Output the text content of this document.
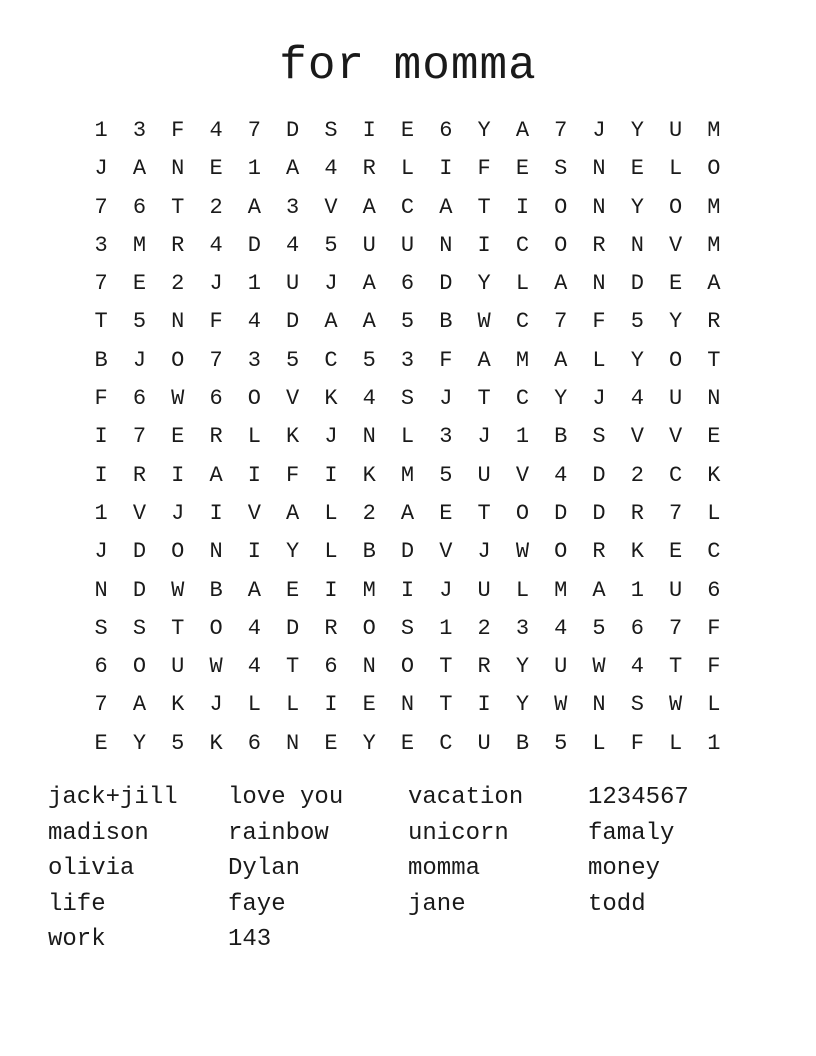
for momma
1	3	F	4	7	D	S	I	E	6	Y	A	7	J	Y	U	M
J	A	N	E	1	A	4	R	L	I	F	E	S	N	E	L	O
7	6	T	2	A	3	V	A	C	A	T	I	O	N	Y	O	M
3	M	R	4	D	4	5	U	U	N	I	C	O	R	N	V	M
7	E	2	J	1	U	J	A	6	D	Y	L	A	N	D	E	A
T	5	N	F	4	D	A	A	5	B	W	C	7	F	5	Y	R
B	J	O	7	3	5	C	5	3	F	A	M	A	L	Y	O	T
F	6	W	6	O	V	K	4	S	J	T	C	Y	J	4	U	N
I	7	E	R	L	K	J	N	L	3	J	1	B	S	V	V	E
I	R	I	A	I	F	I	K	M	5	U	V	4	D	2	C	K
1	V	J	I	V	A	L	2	A	E	T	O	D	D	R	7	L
J	D	O	N	I	Y	L	B	D	V	J	W	O	R	K	E	C
N	D	W	B	A	E	I	M	I	J	U	L	M	A	1	U	6
S	S	T	O	4	D	R	O	S	1	2	3	4	5	6	7	F
6	O	U	W	4	T	6	N	O	T	R	Y	U	W	4	T	F
7	A	K	J	L	L	I	E	N	T	I	Y	W	N	S	W	L
E	Y	5	K	6	N	E	Y	E	C	U	B	5	L	F	L	1
jack+jill	love you	vacation	1234567
madison	rainbow	unicorn	famaly
olivia	Dylan	momma	money
life	faye	jane	todd
work	143
